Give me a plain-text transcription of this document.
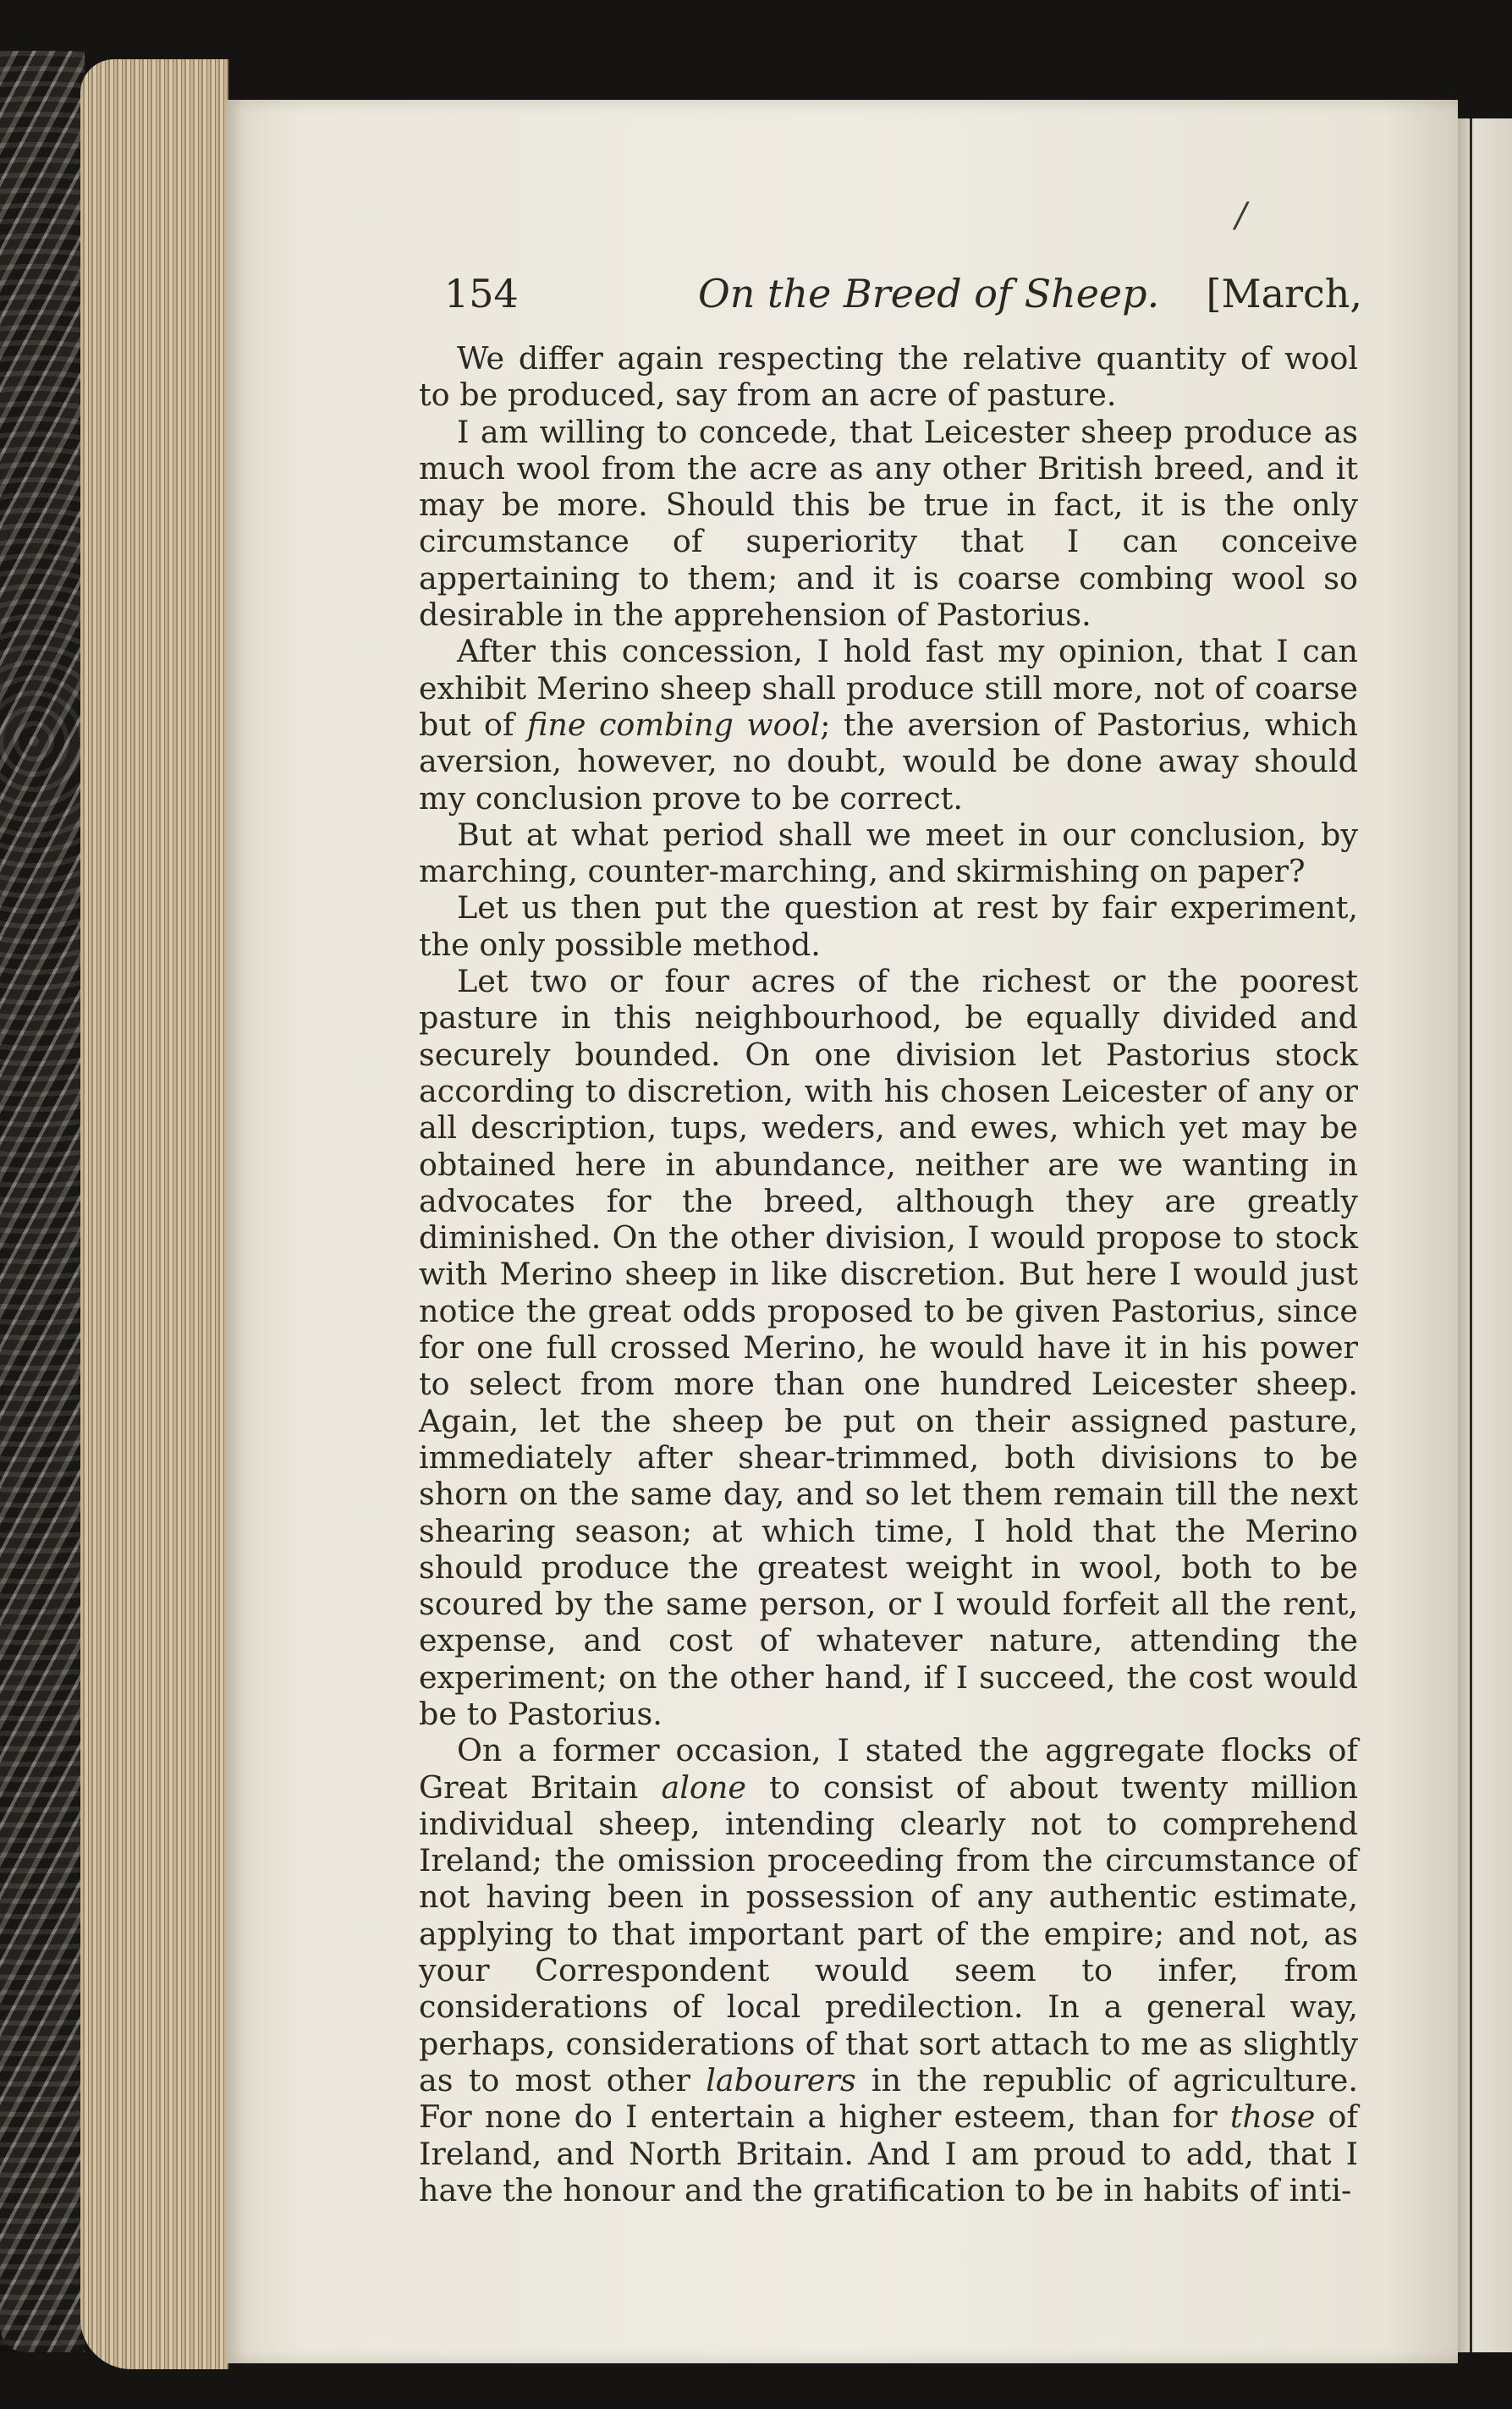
/
154	On the Breed of Sheep. [March,

We differ again respecting the relative quantity of wool to be produced, say from an acre of pasture.

I am willing to concede, that Leicester sheep produce as much wool from the acre as any other British breed, and it may be more. Should this be true in fact, it is the only circumstance of superiority that I can conceive appertaining to them; and it is coarse combing wool so desirable in the apprehension of Pastorius.

After this concession, I hold fast my opinion, that I can exhibit Merino sheep shall produce still more, not of coarse but of fine combing wool; the aversion of Pastorius, which aversion, however, no doubt, would be done away should my conclusion prove to be correct.

But at what period shall we meet in our conclusion, by marching, counter-marching, and skirmishing on paper?

Let us then put the question at rest by fair experiment, the only possible method.

Let two or four acres of the richest or the poorest pasture in this neighbourhood, be equally divided and securely bounded. On one division let Pastorius stock according to discretion, with his chosen Leicester of any or all description, tups, weders, and ewes, which yet may be obtained here in abundance, neither are we wanting in advocates for the breed, although they are greatly diminished. On the other division, I would propose to stock with Merino sheep in like discretion. But here I would just notice the great odds proposed to be given Pastorius, since for one full crossed Merino, he would have it in his power to select from more than one hundred Leicester sheep. Again, let the sheep be put on their assigned pasture, immediately after shear-trimmed, both divisions to be shorn on the same day, and so let them remain till the next shearing season; at which time, I hold that the Merino should produce the greatest weight in wool, both to be scoured by the same person, or I would forfeit all the rent, expense, and cost of whatever nature, attending the experiment; on the other hand, if I succeed, the cost would be to Pastorius.

On a former occasion, I stated the aggregate flocks of Great Britain alone to consist of about twenty million individual sheep, intending clearly not to comprehend Ireland; the omission proceeding from the circumstance of not having been in possession of any authentic estimate, applying to that important part of the empire; and not, as your Correspondent would seem to infer, from considerations of local predilection. In a general way, perhaps, considerations of that sort attach to me as slightly as to most other labourers in the republic of agriculture. For none do I entertain a higher esteem, than for those of Ireland, and North Britain. And I am proud to add, that I have the honour and the gratification to be in habits of inti-
